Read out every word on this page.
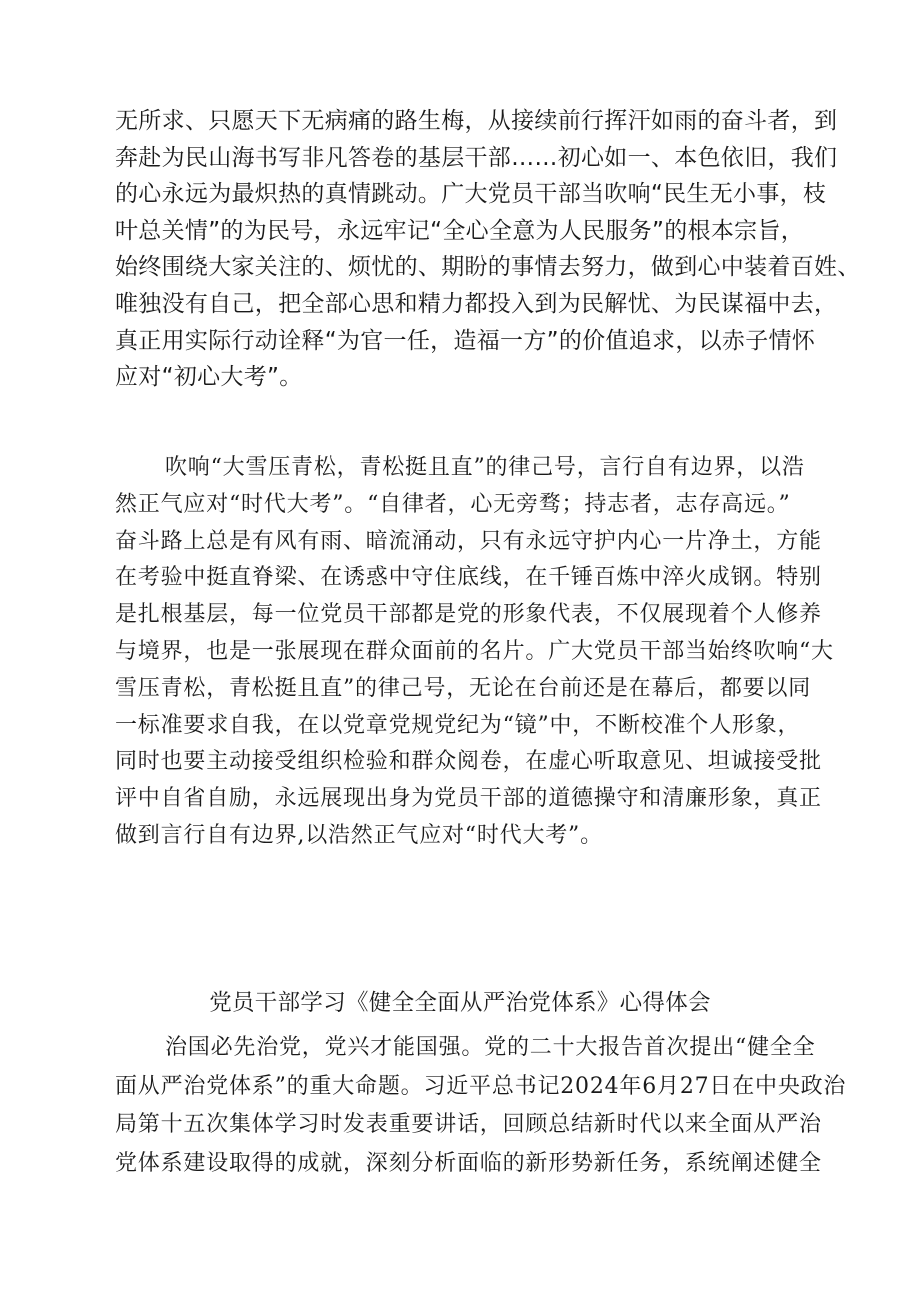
无所求、只愿天下无病痛的路生梅，从接续前行挥汗如雨的奋斗者，到
奔赴为民山海书写非凡答卷的基层干部……初心如一、本色依旧，我们
的心永远为最炽热的真情跳动。广大党员干部当吹响“民生无小事，枝
叶总关情”的为民号，永远牢记“全心全意为人民服务”的根本宗旨，
始终围绕大家关注的、烦忧的、期盼的事情去努力，做到心中装着百姓、
唯独没有自己，把全部心思和精力都投入到为民解忧、为民谋福中去，
真正用实际行动诠释“为官一任，造福一方”的价值追求，以赤子情怀
应对“初心大考”。

吹响“大雪压青松，青松挺且直”的律己号，言行自有边界，以浩
然正气应对“时代大考”。“自律者，心无旁骛；持志者，志存高远。”
奋斗路上总是有风有雨、暗流涌动，只有永远守护内心一片净土，方能
在考验中挺直脊梁、在诱惑中守住底线，在千锤百炼中淬火成钢。特别
是扎根基层，每一位党员干部都是党的形象代表，不仅展现着个人修养
与境界，也是一张展现在群众面前的名片。广大党员干部当始终吹响“大
雪压青松，青松挺且直”的律己号，无论在台前还是在幕后，都要以同
一标准要求自我，在以党章党规党纪为“镜”中，不断校准个人形象，
同时也要主动接受组织检验和群众阅卷，在虚心听取意见、坦诚接受批
评中自省自励，永远展现出身为党员干部的道德操守和清廉形象，真正
做到言行自有边界,以浩然正气应对“时代大考”。

党员干部学习《健全全面从严治党体系》心得体会

治国必先治党，党兴才能国强。党的二十大报告首次提出“健全全
面从严治党体系”的重大命题。习近平总书记2024年6月27日在中央政治
局第十五次集体学习时发表重要讲话，回顾总结新时代以来全面从严治
党体系建设取得的成就，深刻分析面临的新形势新任务，系统阐述健全
